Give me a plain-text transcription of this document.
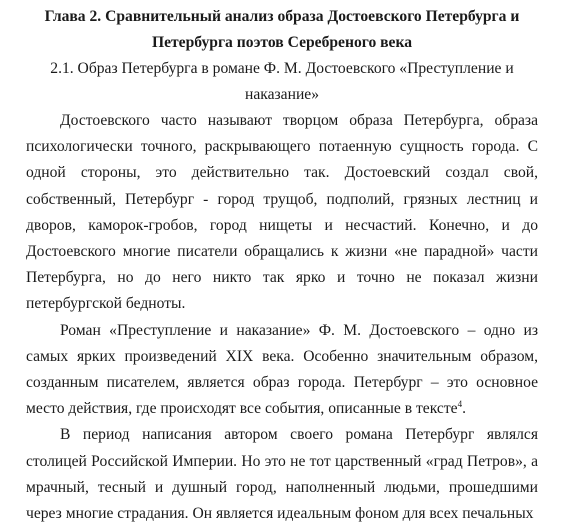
Глава 2. Сравнительный анализ образа Достоевского Петербурга и Петербурга поэтов Серебреного века

2.1. Образ Петербурга в романе Ф. М. Достоевского «Преступление и наказание»

Достоевского часто называют творцом образа Петербурга, образа психологически точного, раскрывающего потаенную сущность города. С одной стороны, это действительно так. Достоевский создал свой, собственный, Петербург - город трущоб, подполий, грязных лестниц и дворов, каморок-гробов, город нищеты и несчастий. Конечно, и до Достоевского многие писатели обращались к жизни «не парадной» части Петербурга, но до него никто так ярко и точно не показал жизни петербургской бедноты.

Роман «Преступление и наказание» Ф. М. Достоевского – одно из самых ярких произведений XIX века. Особенно значительным образом, созданным писателем, является образ города. Петербург – это основное место действия, где происходят все события, описанные в тексте$^4$.

В период написания автором своего романа Петербург являлся столицей Российской Империи. Но это не тот царственный «град Петров», а мрачный, тесный и душный город, наполненный людьми, прошедшими через многие страдания. Он является идеальным фоном для всех печальных
